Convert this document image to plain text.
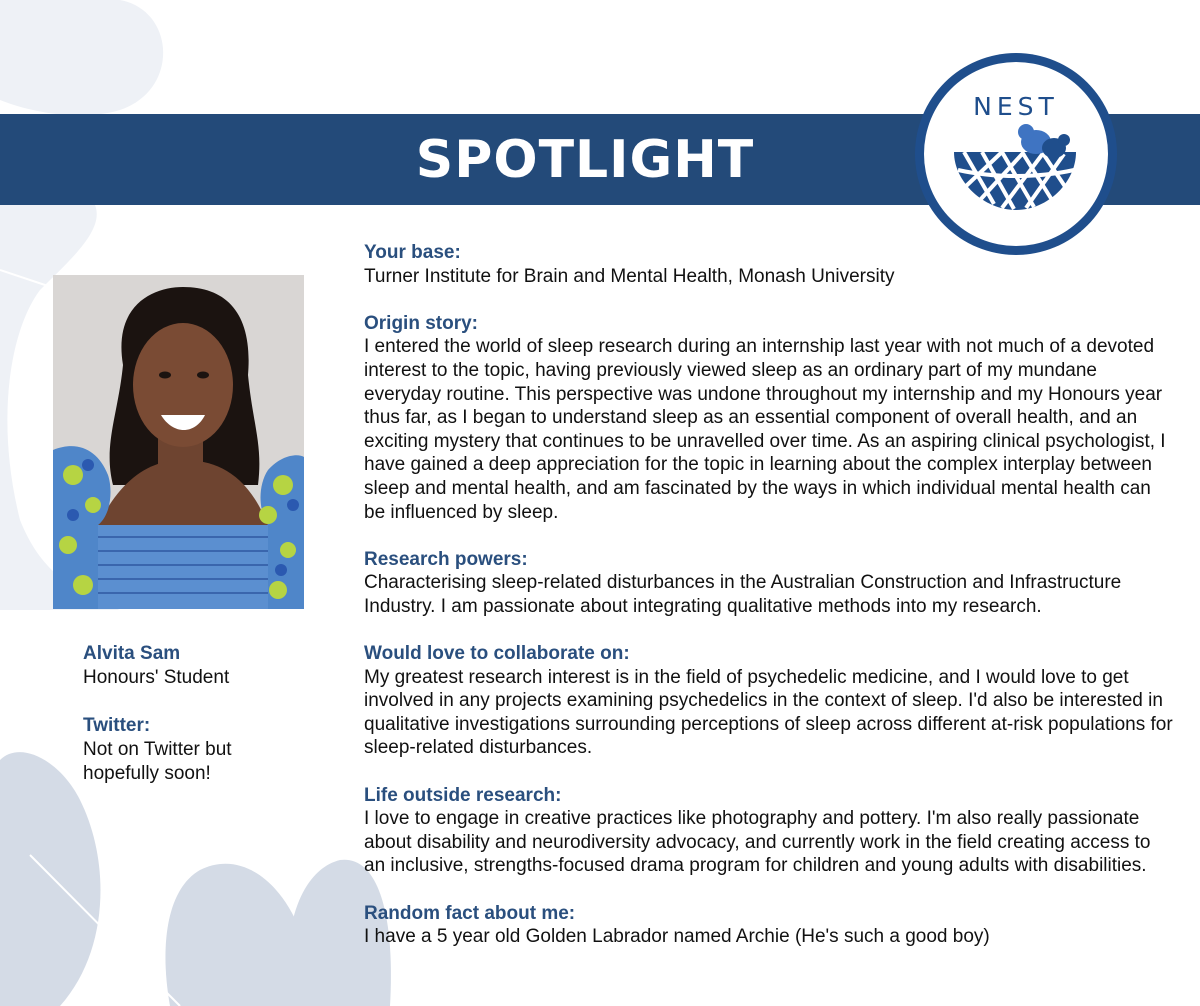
SPOTLIGHT
NEST
Alvita Sam
Honours' Student
Twitter:
Not on Twitter but
hopefully soon!
Your base:

Turner Institute for Brain and Mental Health, Monash University

Origin story:

I entered the world of sleep research during an internship last year with not much of a devoted interest to the topic, having previously viewed sleep as an ordinary part of my mundane everyday routine. This perspective was undone throughout my internship and my Honours year thus far, as I began to understand sleep as an essential component of overall health, and an exciting mystery that continues to be unravelled over time. As an aspiring clinical psychologist, I have gained a deep appreciation for the topic in learning about the complex interplay between sleep and mental health, and am fascinated by the ways in which individual mental health can be influenced by sleep.

Research powers:

Characterising sleep-related disturbances in the Australian Construction and Infrastructure Industry. I am passionate about integrating qualitative methods into my research.

Would love to collaborate on:

My greatest research interest is in the field of psychedelic medicine, and I would love to get involved in any projects examining psychedelics in the context of sleep. I'd also be interested in qualitative investigations surrounding perceptions of sleep across different at-risk populations for sleep-related disturbances.

Life outside research:

I love to engage in creative practices like photography and pottery. I'm also really passionate about disability and neurodiversity advocacy, and currently work in the field creating access to an inclusive, strengths-focused drama program for children and young adults with disabilities.

Random fact about me:

I have a 5 year old Golden Labrador named Archie (He's such a good boy)
